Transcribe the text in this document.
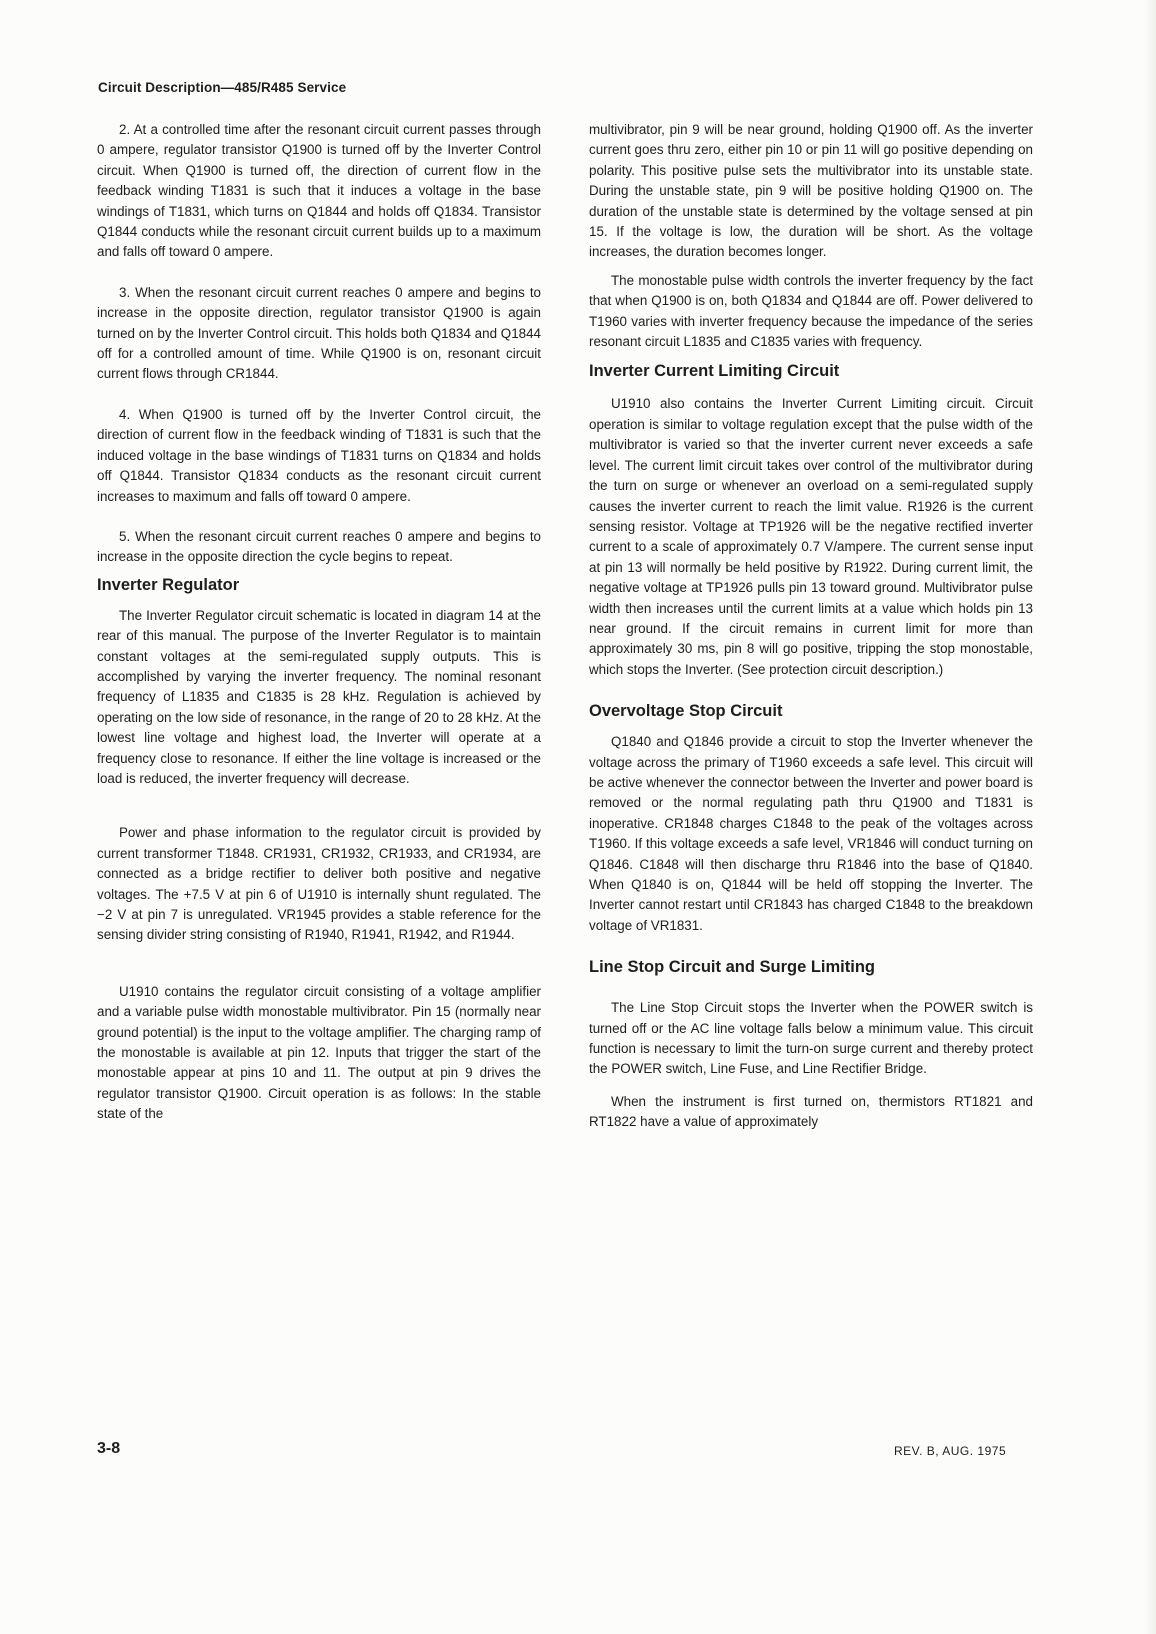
Circuit Description—485/R485 Service

2. At a controlled time after the resonant circuit current passes through 0 ampere, regulator transistor Q1900 is turned off by the Inverter Control circuit. When Q1900 is turned off, the direction of current flow in the feedback winding T1831 is such that it induces a voltage in the base windings of T1831, which turns on Q1844 and holds off Q1834. Transistor Q1844 conducts while the resonant circuit current builds up to a maximum and falls off toward 0 ampere.

3. When the resonant circuit current reaches 0 ampere and begins to increase in the opposite direction, regulator transistor Q1900 is again turned on by the Inverter Control circuit. This holds both Q1834 and Q1844 off for a controlled amount of time. While Q1900 is on, resonant circuit current flows through CR1844.

4. When Q1900 is turned off by the Inverter Control circuit, the direction of current flow in the feedback winding of T1831 is such that the induced voltage in the base windings of T1831 turns on Q1834 and holds off Q1844. Transistor Q1834 conducts as the resonant circuit current increases to maximum and falls off toward 0 ampere.

5. When the resonant circuit current reaches 0 ampere and begins to increase in the opposite direction the cycle begins to repeat.

Inverter Regulator

The Inverter Regulator circuit schematic is located in diagram 14 at the rear of this manual. The purpose of the Inverter Regulator is to maintain constant voltages at the semi-regulated supply outputs. This is accomplished by varying the inverter frequency. The nominal resonant frequency of L1835 and C1835 is 28 kHz. Regulation is achieved by operating on the low side of resonance, in the range of 20 to 28 kHz. At the lowest line voltage and highest load, the Inverter will operate at a frequency close to resonance. If either the line voltage is increased or the load is reduced, the inverter frequency will decrease.

Power and phase information to the regulator circuit is provided by current transformer T1848. CR1931, CR1932, CR1933, and CR1934, are connected as a bridge rectifier to deliver both positive and negative voltages. The +7.5 V at pin 6 of U1910 is internally shunt regulated. The −2 V at pin 7 is unregulated. VR1945 provides a stable reference for the sensing divider string consisting of R1940, R1941, R1942, and R1944.

U1910 contains the regulator circuit consisting of a voltage amplifier and a variable pulse width monostable multivibrator. Pin 15 (normally near ground potential) is the input to the voltage amplifier. The charging ramp of the monostable is available at pin 12. Inputs that trigger the start of the monostable appear at pins 10 and 11. The output at pin 9 drives the regulator transistor Q1900. Circuit operation is as follows: In the stable state of the

multivibrator, pin 9 will be near ground, holding Q1900 off. As the inverter current goes thru zero, either pin 10 or pin 11 will go positive depending on polarity. This positive pulse sets the multivibrator into its unstable state. During the unstable state, pin 9 will be positive holding Q1900 on. The duration of the unstable state is determined by the voltage sensed at pin 15. If the voltage is low, the duration will be short. As the voltage increases, the duration becomes longer.

The monostable pulse width controls the inverter frequency by the fact that when Q1900 is on, both Q1834 and Q1844 are off. Power delivered to T1960 varies with inverter frequency because the impedance of the series resonant circuit L1835 and C1835 varies with frequency.

Inverter Current Limiting Circuit

U1910 also contains the Inverter Current Limiting circuit. Circuit operation is similar to voltage regulation except that the pulse width of the multivibrator is varied so that the inverter current never exceeds a safe level. The current limit circuit takes over control of the multivibrator during the turn on surge or whenever an overload on a semi-regulated supply causes the inverter current to reach the limit value. R1926 is the current sensing resistor. Voltage at TP1926 will be the negative rectified inverter current to a scale of approximately 0.7 V/ampere. The current sense input at pin 13 will normally be held positive by R1922. During current limit, the negative voltage at TP1926 pulls pin 13 toward ground. Multivibrator pulse width then increases until the current limits at a value which holds pin 13 near ground. If the circuit remains in current limit for more than approximately 30 ms, pin 8 will go positive, tripping the stop monostable, which stops the Inverter. (See protection circuit description.)

Overvoltage Stop Circuit

Q1840 and Q1846 provide a circuit to stop the Inverter whenever the voltage across the primary of T1960 exceeds a safe level. This circuit will be active whenever the connector between the Inverter and power board is removed or the normal regulating path thru Q1900 and T1831 is inoperative. CR1848 charges C1848 to the peak of the voltages across T1960. If this voltage exceeds a safe level, VR1846 will conduct turning on Q1846. C1848 will then discharge thru R1846 into the base of Q1840. When Q1840 is on, Q1844 will be held off stopping the Inverter. The Inverter cannot restart until CR1843 has charged C1848 to the breakdown voltage of VR1831.

Line Stop Circuit and Surge Limiting

The Line Stop Circuit stops the Inverter when the POWER switch is turned off or the AC line voltage falls below a minimum value. This circuit function is necessary to limit the turn-on surge current and thereby protect the POWER switch, Line Fuse, and Line Rectifier Bridge.

When the instrument is first turned on, thermistors RT1821 and RT1822 have a value of approximately

3-8	REV. B, AUG. 1975
